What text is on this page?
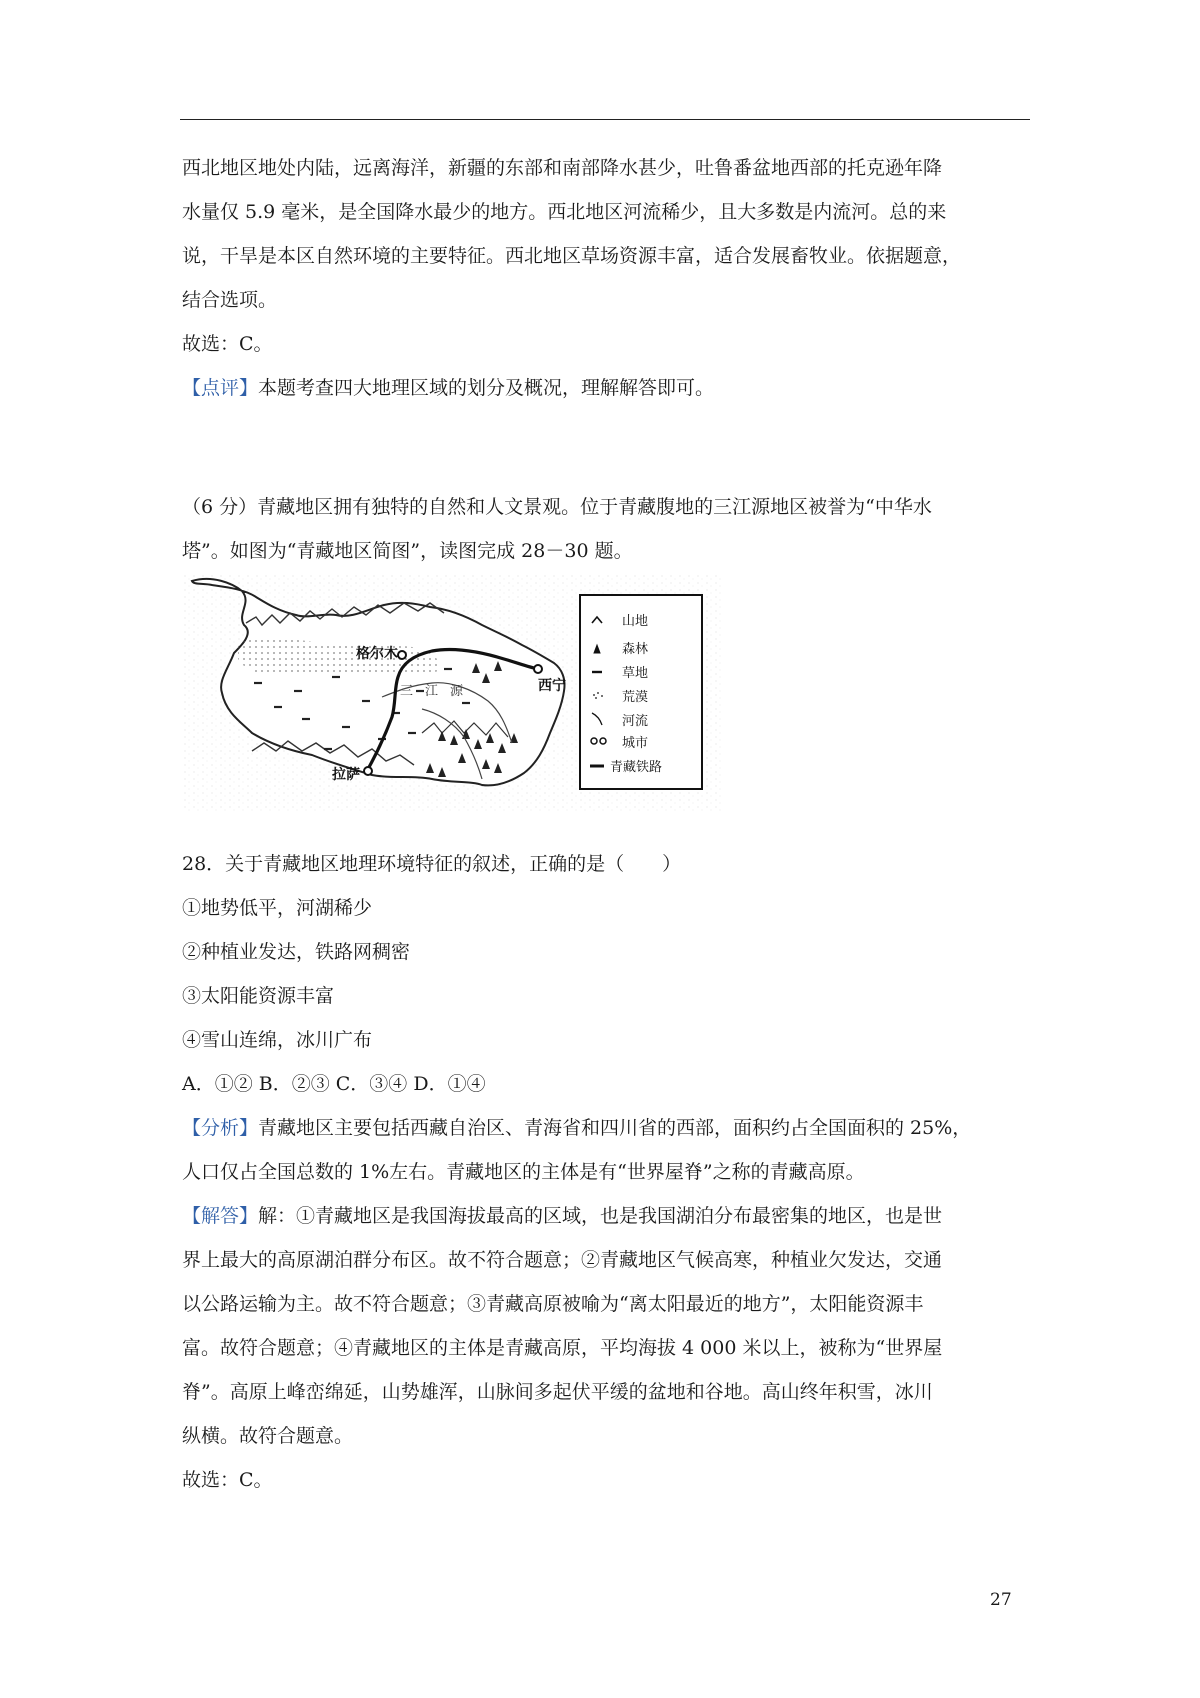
西北地区地处内陆，远离海洋，新疆的东部和南部降水甚少，吐鲁番盆地西部的托克逊年降

水量仅 5.9 毫米，是全国降水最少的地方。西北地区河流稀少，且大多数是内流河。总的来

说，干旱是本区自然环境的主要特征。西北地区草场资源丰富，适合发展畜牧业。依据题意，

结合选项。

故选：C。

【点评】本题考查四大地理区域的划分及概况，理解解答即可。

（6 分）青藏地区拥有独特的自然和人文景观。位于青藏腹地的三江源地区被誉为“中华水

塔”。如图为“青藏地区简图”，读图完成 28－30 题。

格尔木
西宁
拉萨
三江源
山地
森林
草地
荒漠
河流
城市
青藏铁路

28．关于青藏地区地理环境特征的叙述，正确的是（　　）

①地势低平，河湖稀少

②种植业发达，铁路网稠密

③太阳能资源丰富

④雪山连绵，冰川广布

A．①② B．②③ C．③④ D．①④

【分析】青藏地区主要包括西藏自治区、青海省和四川省的西部，面积约占全国面积的 25%，

人口仅占全国总数的 1%左右。青藏地区的主体是有“世界屋脊”之称的青藏高原。

【解答】解：①青藏地区是我国海拔最高的区域，也是我国湖泊分布最密集的地区，也是世

界上最大的高原湖泊群分布区。故不符合题意；②青藏地区气候高寒，种植业欠发达，交通

以公路运输为主。故不符合题意；③青藏高原被喻为“离太阳最近的地方”，太阳能资源丰

富。故符合题意；④青藏地区的主体是青藏高原，平均海拔 4 000 米以上，被称为“世界屋

脊”。高原上峰峦绵延，山势雄浑，山脉间多起伏平缓的盆地和谷地。高山终年积雪，冰川

纵横。故符合题意。

故选：C。

27
